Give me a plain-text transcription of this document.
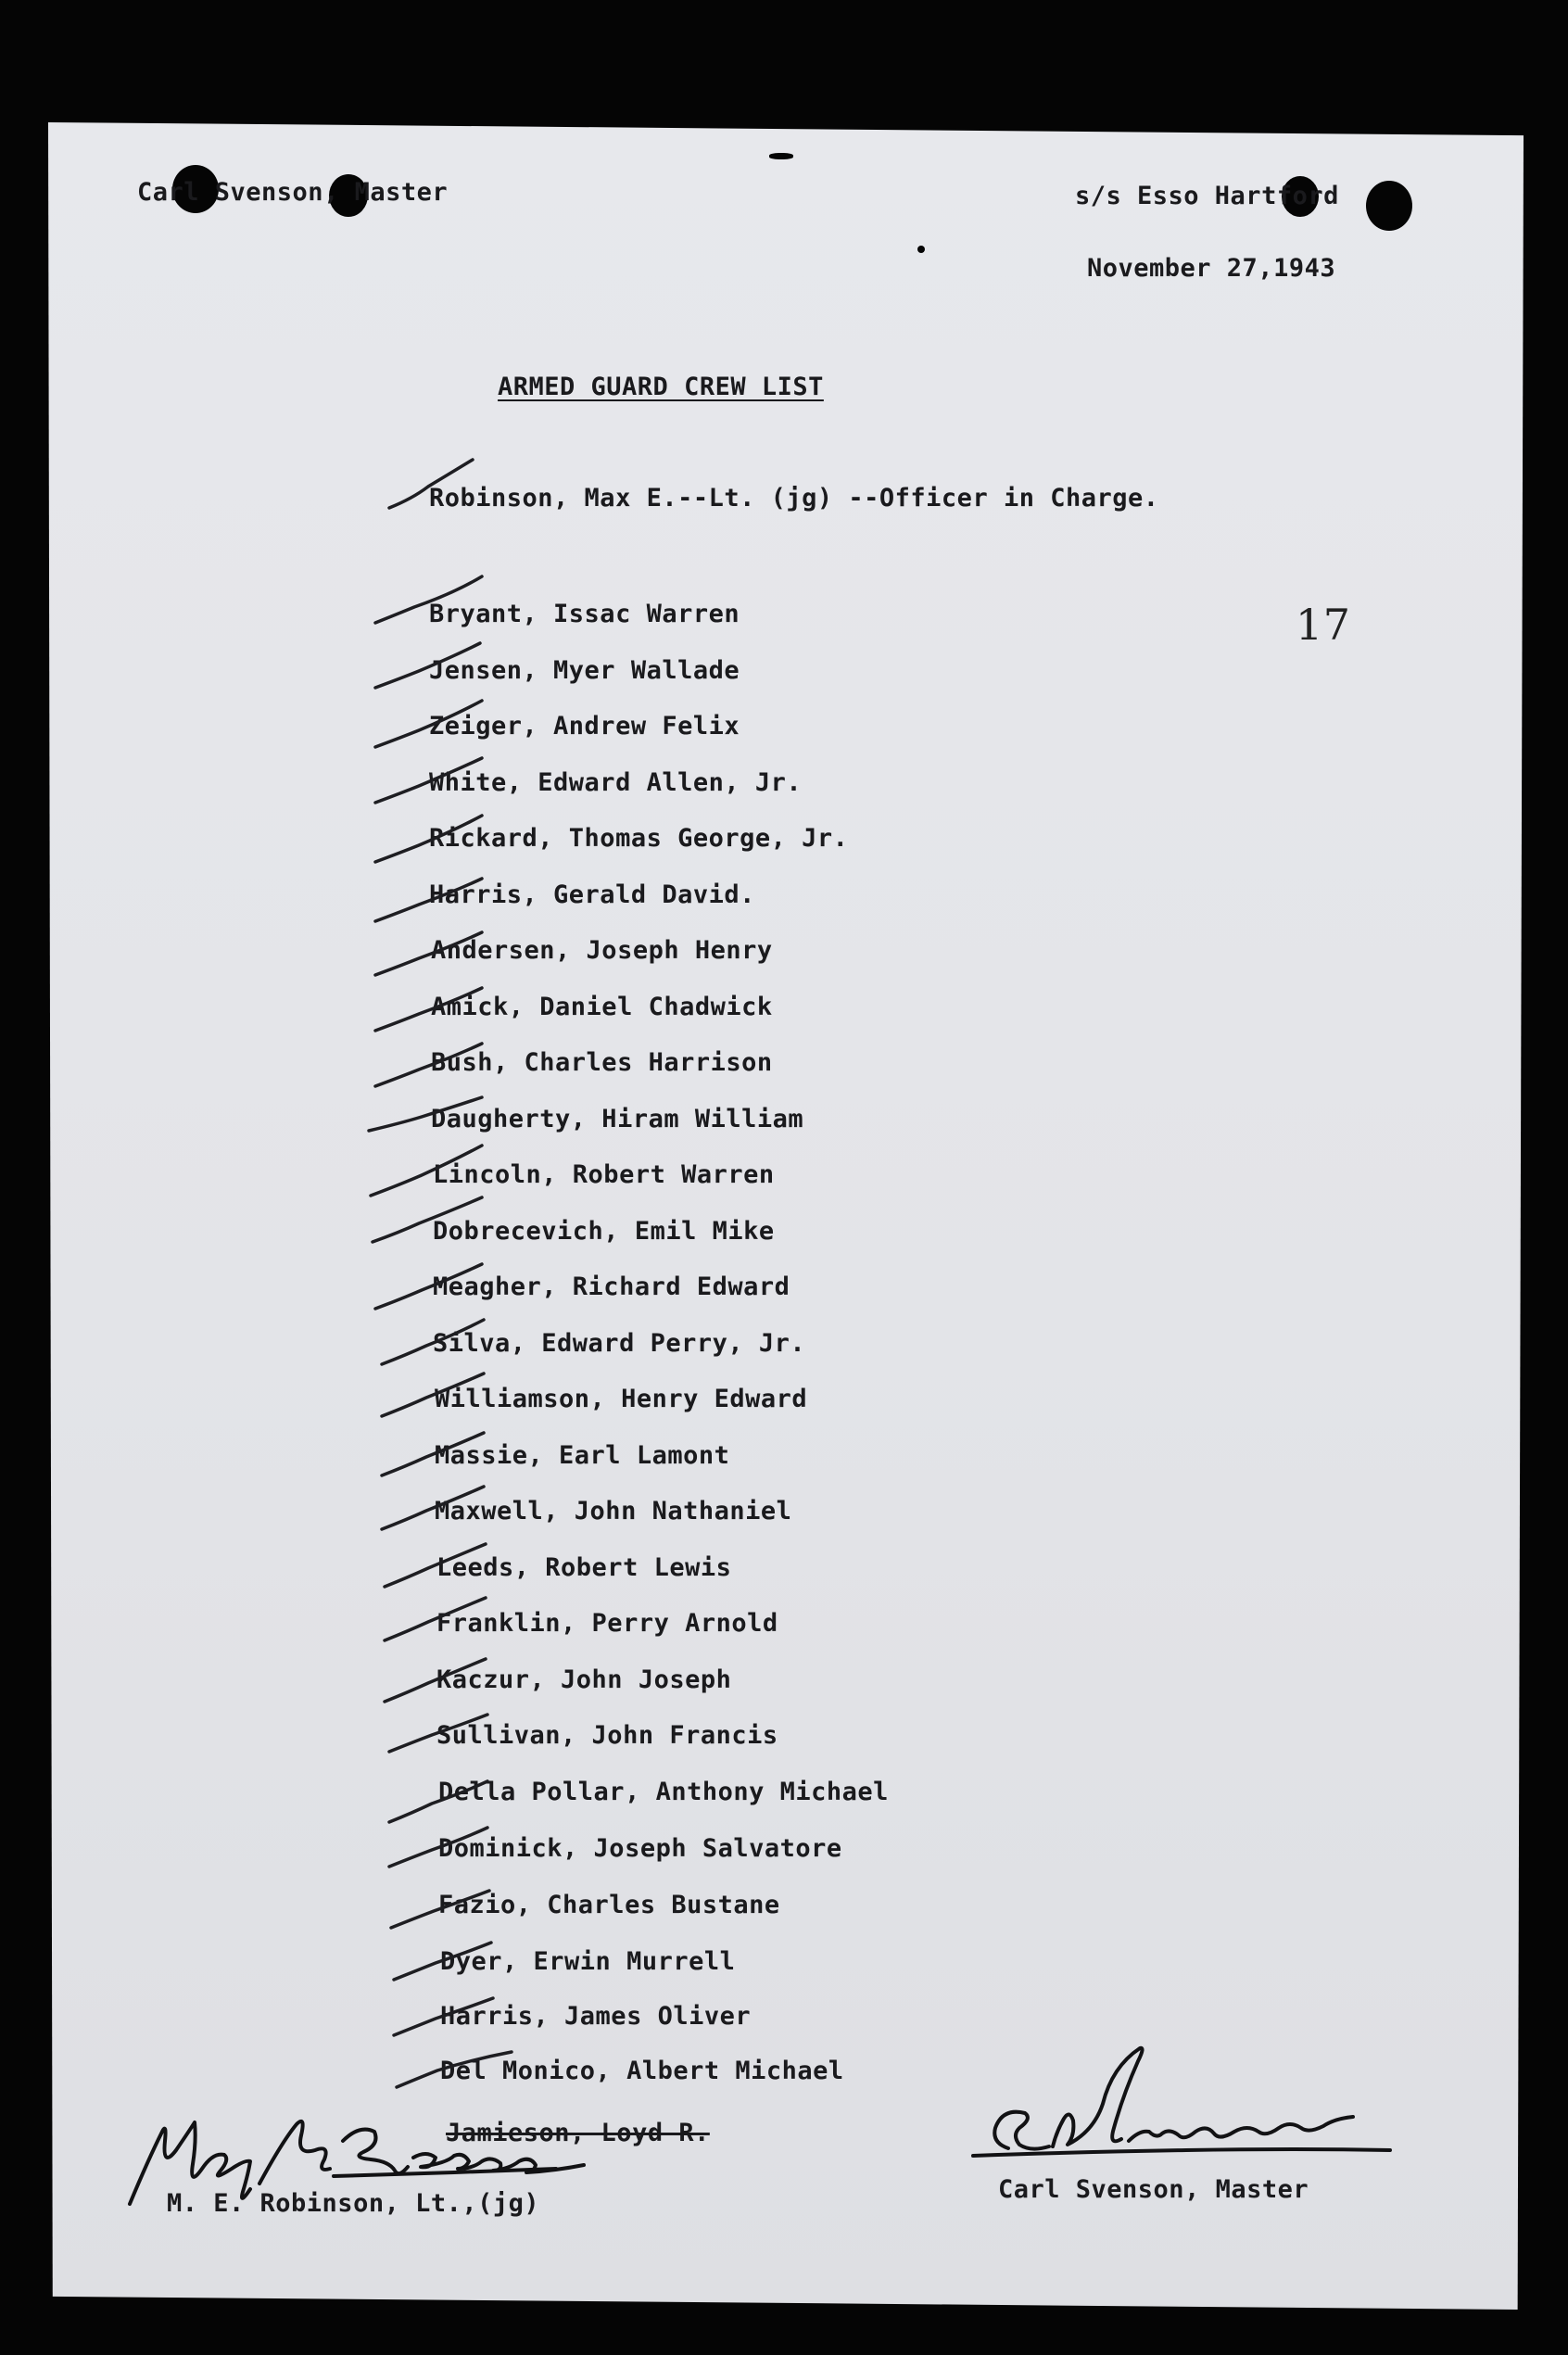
Carl Svenson, Master	s/s Esso Hartford
November 27,1943
ARMED GUARD CREW LIST
Robinson, Max E.--Lt. (jg) --Officer in Charge.
17
Bryant, Issac Warren
Jensen, Myer Wallade
Zeiger, Andrew Felix
White, Edward Allen, Jr.
Rickard, Thomas George, Jr.
Harris, Gerald David.
Andersen, Joseph Henry
Amick, Daniel Chadwick
Bush, Charles Harrison
Daugherty, Hiram William
Lincoln, Robert Warren
Dobrecevich, Emil Mike
Meagher, Richard Edward
Silva, Edward Perry, Jr.
Williamson, Henry Edward
Massie, Earl Lamont
Maxwell, John Nathaniel
Leeds, Robert Lewis
Franklin, Perry Arnold
Kaczur, John Joseph
Sullivan, John Francis
Della Pollar, Anthony Michael
Dominick, Joseph Salvatore
Fazio, Charles Bustane
Dyer, Erwin Murrell
Harris, James Oliver
Del Monico, Albert Michael
Jamieson, Loyd R.
M. E. Robinson, Lt.,(jg)	Carl Svenson, Master
